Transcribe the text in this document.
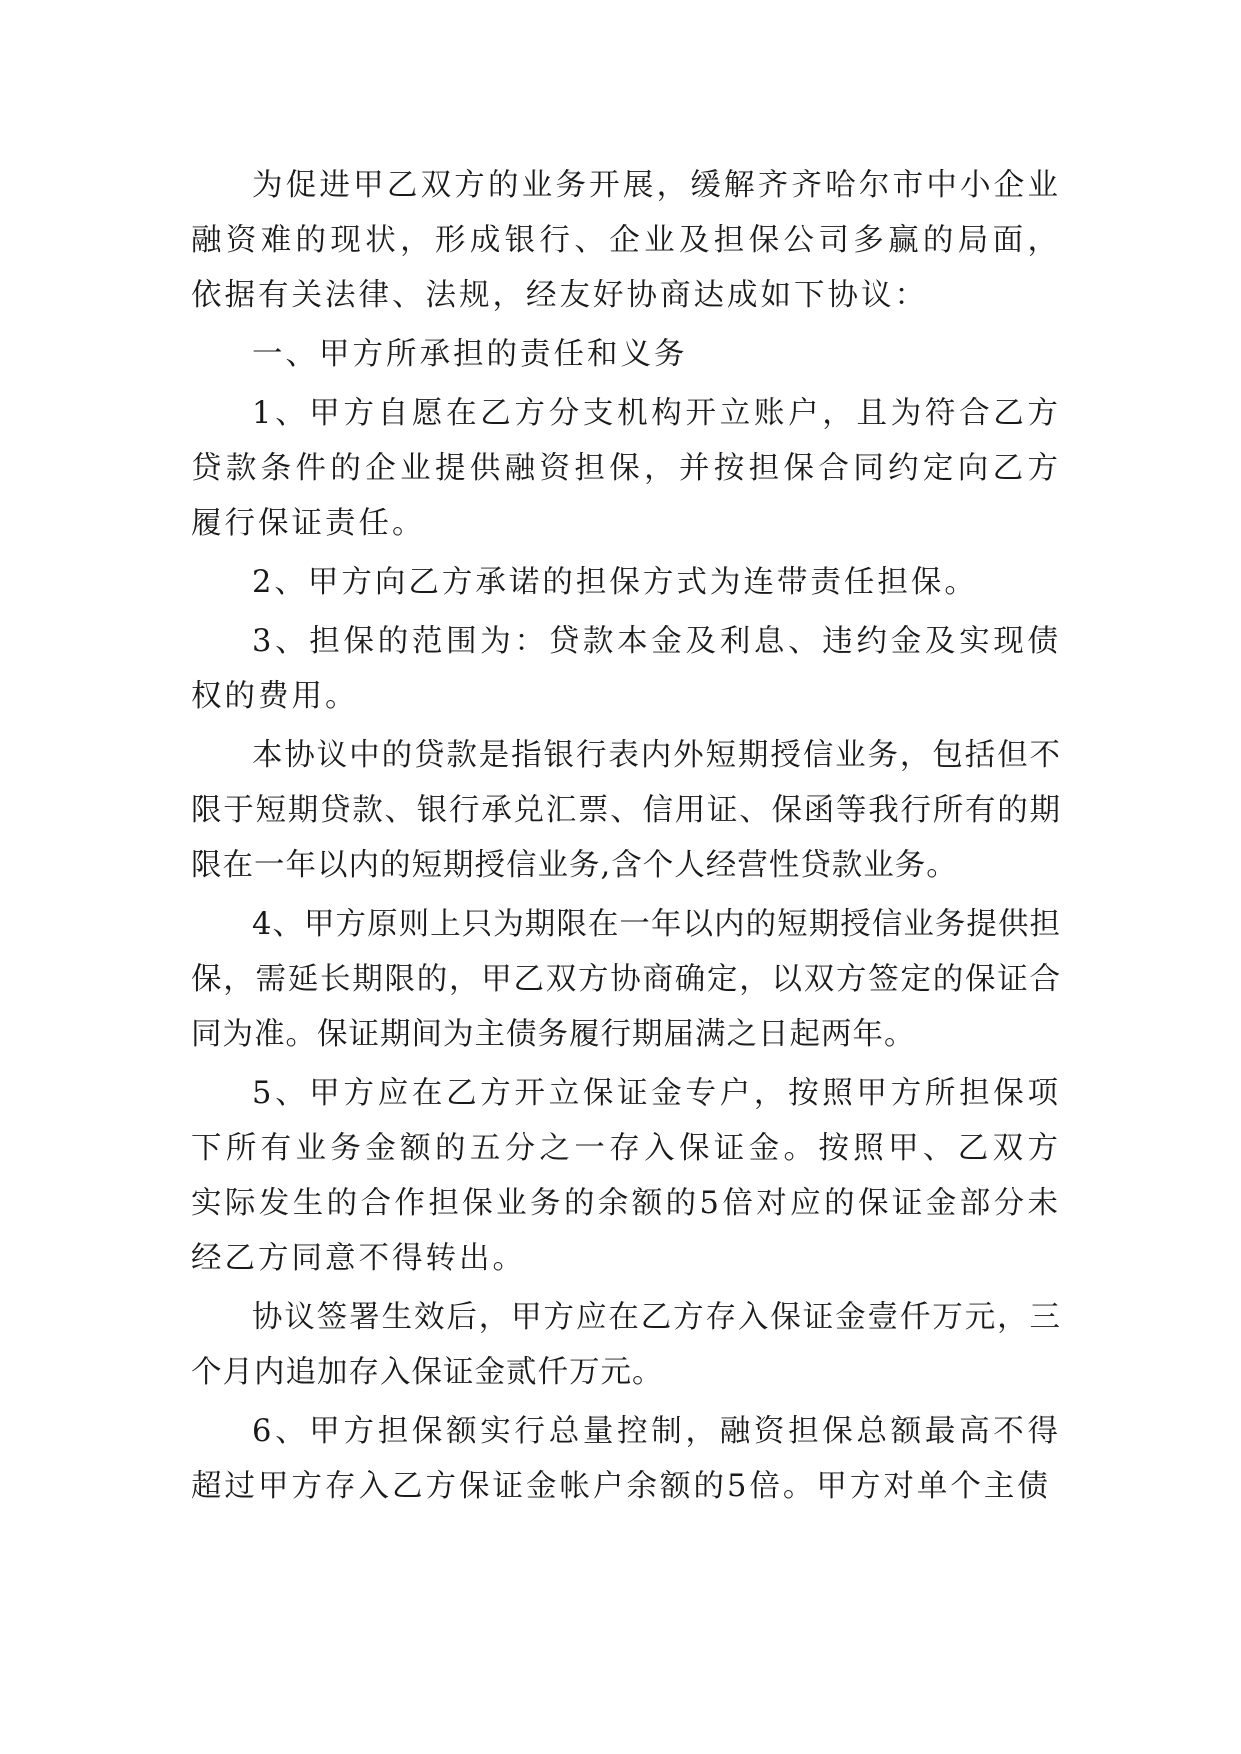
为促进甲乙双方的业务开展，缓解齐齐哈尔市中小企业融资难的现状，形成银行、企业及担保公司多赢的局面，依据有关法律、法规，经友好协商达成如下协议：

一、甲方所承担的责任和义务

1、甲方自愿在乙方分支机构开立账户，且为符合乙方贷款条件的企业提供融资担保，并按担保合同约定向乙方履行保证责任。

2、甲方向乙方承诺的担保方式为连带责任担保。

3、担保的范围为：贷款本金及利息、违约金及实现债权的费用。

本协议中的贷款是指银行表内外短期授信业务，包括但不限于短期贷款、银行承兑汇票、信用证、保函等我行所有的期限在一年以内的短期授信业务,含个人经营性贷款业务。

4、甲方原则上只为期限在一年以内的短期授信业务提供担保，需延长期限的，甲乙双方协商确定，以双方签定的保证合同为准。保证期间为主债务履行期届满之日起两年。

5、甲方应在乙方开立保证金专户，按照甲方所担保项下所有业务金额的五分之一存入保证金。按照甲、乙双方实际发生的合作担保业务的余额的5倍对应的保证金部分未经乙方同意不得转出。

协议签署生效后，甲方应在乙方存入保证金壹仟万元，三个月内追加存入保证金贰仟万元。

6、甲方担保额实行总量控制，融资担保总额最高不得超过甲方存入乙方保证金帐户余额的5倍。甲方对单个主债
